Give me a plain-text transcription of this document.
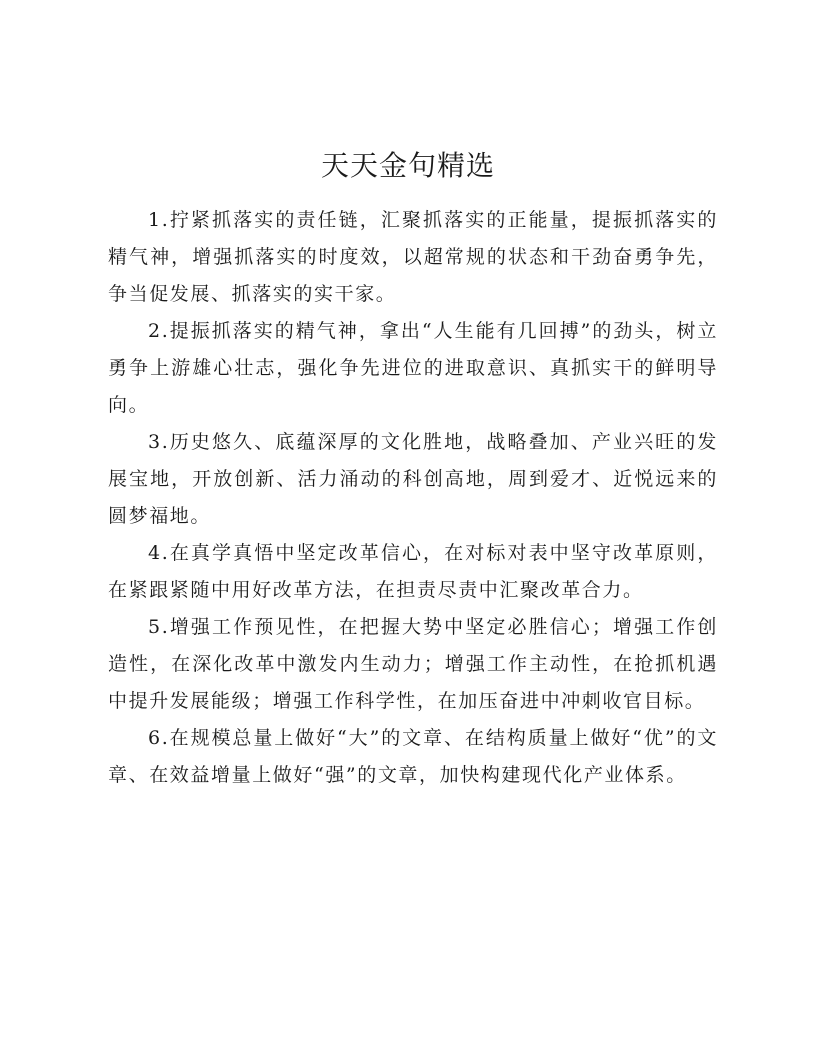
天天金句精选

1.拧紧抓落实的责任链，汇聚抓落实的正能量，提振抓落实的精气神，增强抓落实的时度效，以超常规的状态和干劲奋勇争先，争当促发展、抓落实的实干家。

2.提振抓落实的精气神，拿出“人生能有几回搏”的劲头，树立勇争上游雄心壮志，强化争先进位的进取意识、真抓实干的鲜明导向。

3.历史悠久、底蕴深厚的文化胜地，战略叠加、产业兴旺的发展宝地，开放创新、活力涌动的科创高地，周到爱才、近悦远来的圆梦福地。

4.在真学真悟中坚定改革信心，在对标对表中坚守改革原则，在紧跟紧随中用好改革方法，在担责尽责中汇聚改革合力。

5.增强工作预见性，在把握大势中坚定必胜信心；增强工作创造性，在深化改革中激发内生动力；增强工作主动性，在抢抓机遇中提升发展能级；增强工作科学性，在加压奋进中冲刺收官目标。

6.在规模总量上做好“大”的文章、在结构质量上做好“优”的文章、在效益增量上做好“强”的文章，加快构建现代化产业体系。
